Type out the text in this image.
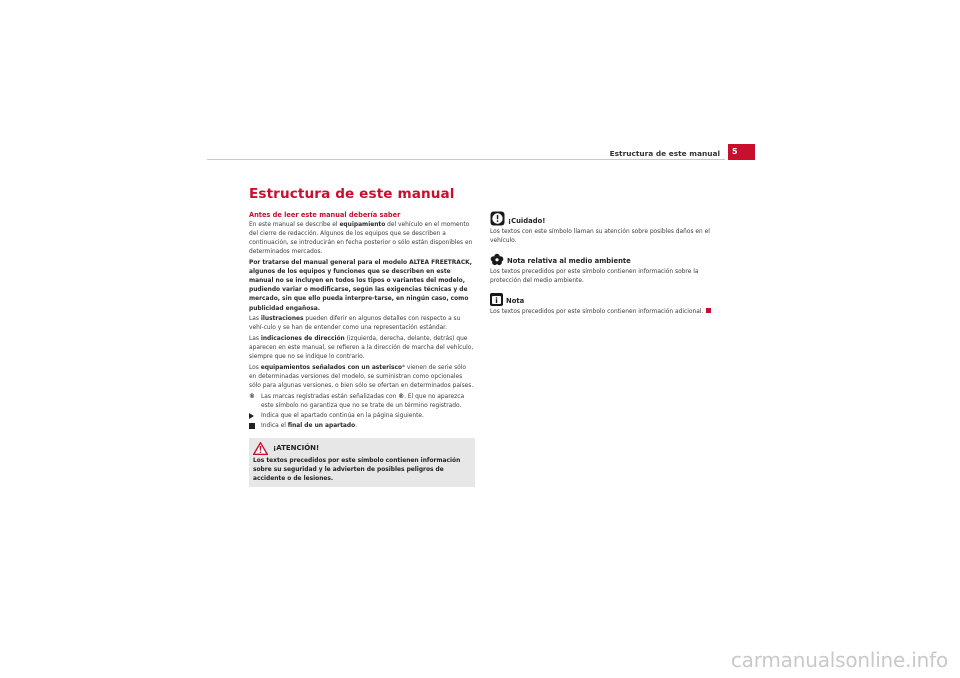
Estructura de este manual	5
Estructura de este manual
Antes de leer este manual debería saber

En este manual se describe el equipamiento del vehículo en el momento del cierre de redacción. Algunos de los equipos que se describen a continuación, se introducirán en fecha posterior o sólo están disponibles en determinados mercados.

Por tratarse del manual general para el modelo ALTEA FREETRACK, algunos de los equipos y funciones que se describen en este manual no se incluyen en todos los tipos o variantes del modelo, pudiendo variar o modificarse, según las exigencias técnicas y de mercado, sin que ello pueda interpre-tarse, en ningún caso, como publicidad engañosa.

Las ilustraciones pueden diferir en algunos detalles con respecto a su vehí-culo y se han de entender como una representación estándar.

Las indicaciones de dirección (izquierda, derecha, delante, detrás) que aparecen en este manual, se refieren a la dirección de marcha del vehículo, siempre que no se indique lo contrario.

Los equipamientos señalados con un asterisco* vienen de serie sólo en determinadas versiones del modelo, se suministran como opcionales sólo para algunas versiones, o bien sólo se ofertan en determinados países.

® Las marcas registradas están señalizadas con ®. El que no aparezca este símbolo no garantiza que no se trate de un término registrado.
Indica que el apartado continúa en la página siguiente.
Indica el final de un apartado.
¡ATENCIÓN!
Los textos precedidos por este símbolo contienen información sobre su seguridad y le advierten de posibles peligros de accidente o de lesiones.
¡Cuidado!

Los textos con este símbolo llaman su atención sobre posibles daños en el vehículo.

Nota relativa al medio ambiente

Los textos precedidos por este símbolo contienen información sobre la protección del medio ambiente.

Nota

Los textos precedidos por este símbolo contienen información adicional.

carmanualsonline.info
